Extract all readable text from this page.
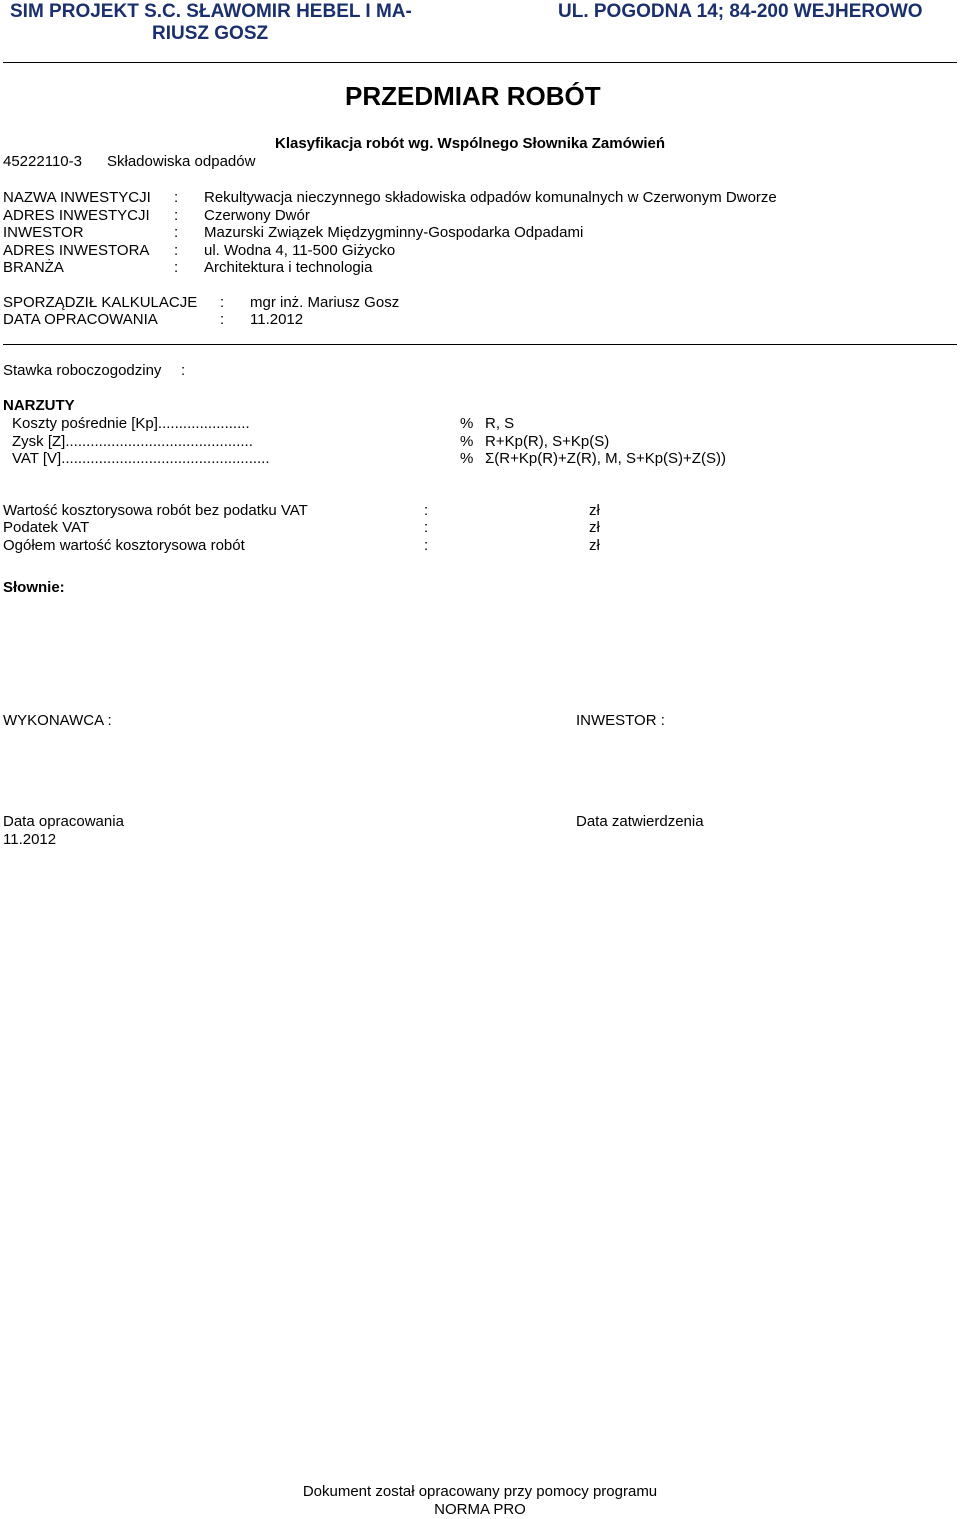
SIM PROJEKT S.C. SŁAWOMIR HEBEL I MA-
RIUSZ GOSZ
UL. POGODNA 14; 84-200 WEJHEROWO
PRZEDMIAR ROBÓT
Klasyfikacja robót wg. Wspólnego Słownika Zamówień
45222110-3 Składowiska odpadów
NAZWA INWESTYCJI : Rekultywacja nieczynnego składowiska odpadów komunalnych w Czerwonym Dworze
ADRES INWESTYCJI : Czerwony Dwór
INWESTOR	: Mazurski Związek Międzygminny-Gospodarka Odpadami
ADRES INWESTORA : ul. Wodna 4, 11-500 Giżycko
BRANŻA	: Architektura i technologia
SPORZĄDZIŁ KALKULACJE : mgr inż. Mariusz Gosz
DATA OPRACOWANIA	: 11.2012
Stawka roboczogodziny :
NARZUTY
Koszty pośrednie [Kp]......................	% R, S
Zysk [Z].............................................	% R+Kp(R), S+Kp(S)
VAT [V]..................................................	% Σ(R+Kp(R)+Z(R), M, S+Kp(S)+Z(S))
Wartość kosztorysowa robót bez podatku VAT	:	zł
Podatek VAT	:	zł
Ogółem wartość kosztorysowa robót	:	zł
Słownie:
WYKONAWCA :	INWESTOR :
Data opracowania
11.2012
Data zatwierdzenia
Dokument został opracowany przy pomocy programu
NORMA PRO
